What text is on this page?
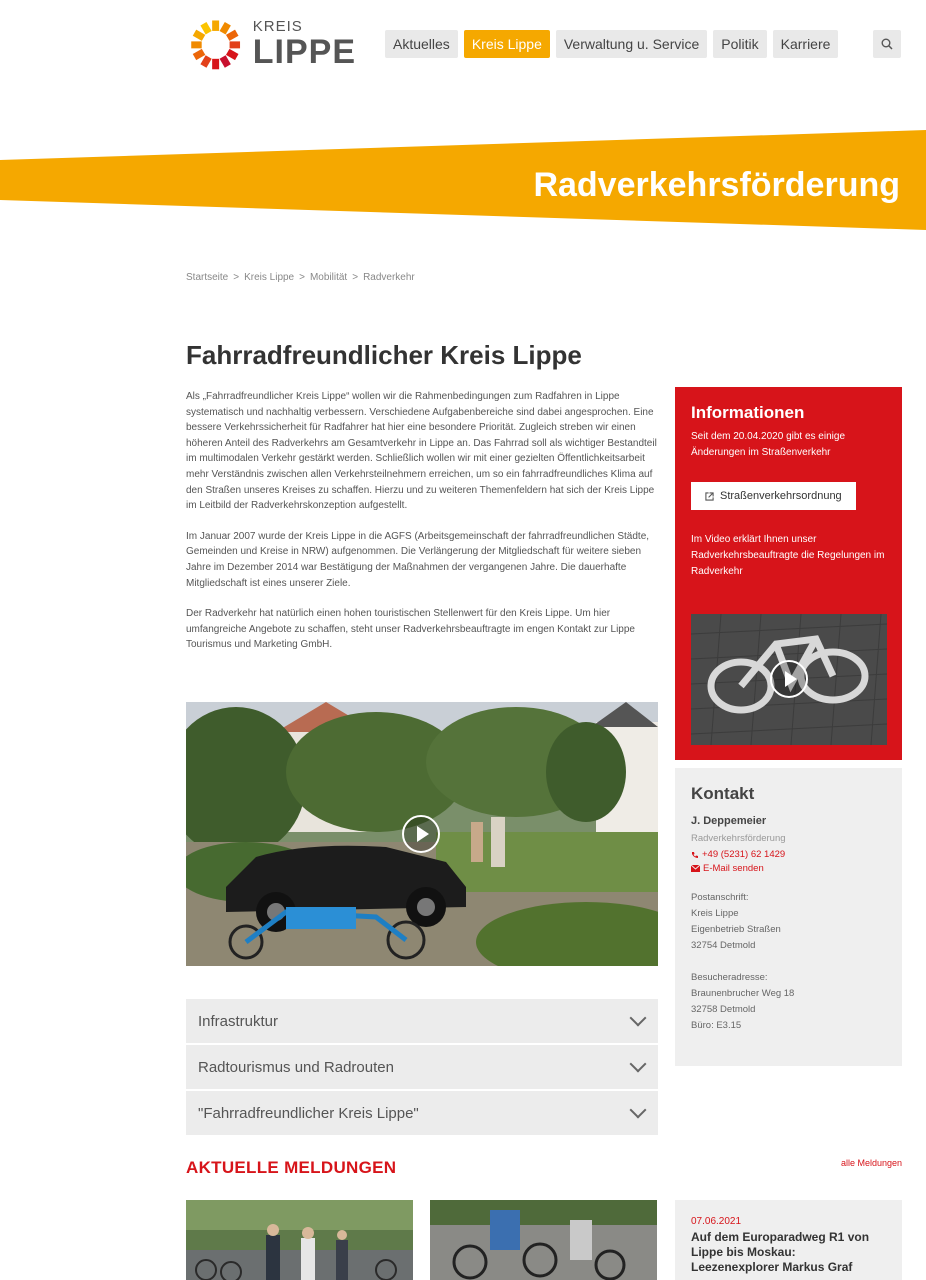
KREIS
LIPPE	Aktuelles	Kreis Lippe	Verwaltung u. Service	Politik	Karriere
Radverkehrsförderung
Startseite > Kreis Lippe > Mobilität > Radverkehr
Fahrradfreundlicher Kreis Lippe

Als „Fahrradfreundlicher Kreis Lippe“ wollen wir die Rahmenbedingungen zum Radfahren in Lippe systematisch und nachhaltig verbessern. Verschiedene Aufgabenbereiche sind dabei angesprochen. Eine bessere Verkehrssicherheit für Radfahrer hat hier eine besondere Priorität. Zugleich streben wir einen höheren Anteil des Radverkehrs am Gesamtverkehr in Lippe an. Das Fahrrad soll als wichtiger Bestandteil im multimodalen Verkehr gestärkt werden. Schließlich wollen wir mit einer gezielten Öffentlichkeitsarbeit mehr Verständnis zwischen allen Verkehrsteilnehmern erreichen, um so ein fahrradfreundliches Klima auf den Straßen unseres Kreises zu schaffen. Hierzu und zu weiteren Themenfeldern hat sich der Kreis Lippe im Leitbild der Radverkehrskonzeption aufgestellt.

Im Januar 2007 wurde der Kreis Lippe in die AGFS (Arbeitsgemeinschaft der fahrradfreundlichen Städte, Gemeinden und Kreise in NRW) aufgenommen. Die Verlängerung der Mitgliedschaft für weitere sieben Jahre im Dezember 2014 war Bestätigung der Maßnahmen der vergangenen Jahre. Die dauerhafte Mitgliedschaft ist eines unserer Ziele.

Der Radverkehr hat natürlich einen hohen touristischen Stellenwert für den Kreis Lippe. Um hier umfangreiche Angebote zu schaffen, steht unser Radverkehrsbeauftragte im engen Kontakt zur Lippe Tourismus und Marketing GmbH.

Infrastruktur
Radtourismus und Radrouten
"Fahrradfreundlicher Kreis Lippe"
Informationen
Seit dem 20.04.2020 gibt es einige Änderungen im Straßenverkehr
Straßenverkehrsordnung
Im Video erklärt Ihnen unser Radverkehrsbeauftragte die Regelungen im Radverkehr
Kontakt
J. Deppemeier
Radverkehrsförderung
+49 (5231) 62 1429
E-Mail senden
Postanschrift:
Kreis Lippe
Eigenbetrieb Straßen
32754 Detmold
Besucheradresse:
Braunenbrucher Weg 18
32758 Detmold
Büro: E3.15
AKTUELLE MELDUNGEN	alle Meldungen
07.06.2021
Auf dem Europaradweg R1 von Lippe bis Moskau: Leezenexplorer Markus Graf
